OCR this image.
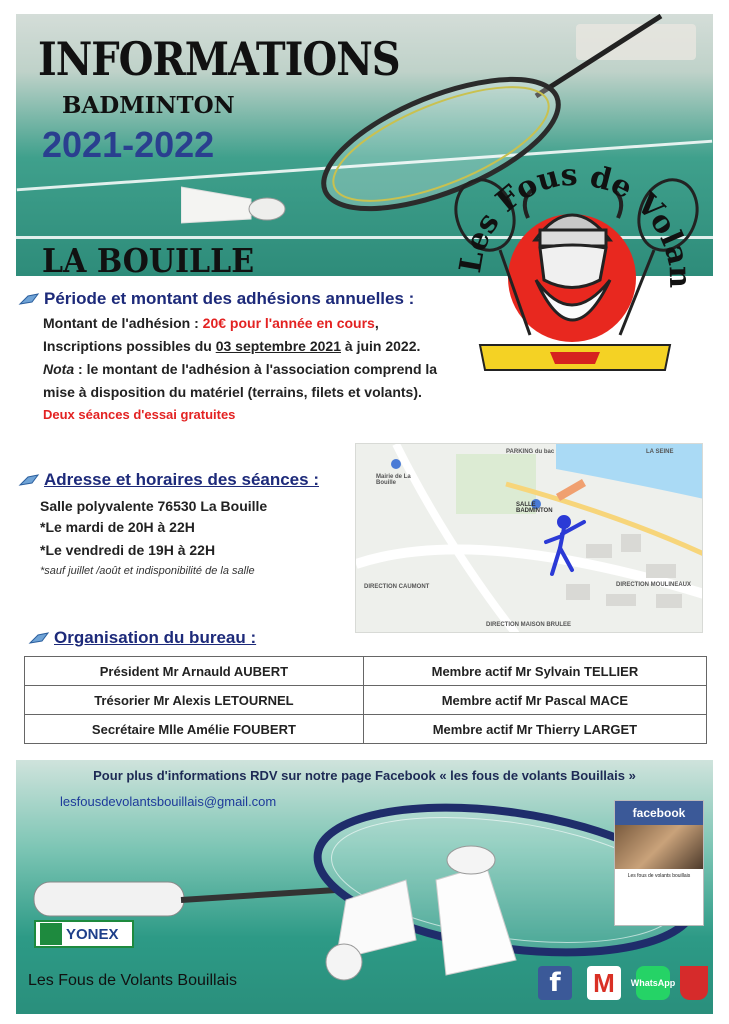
INFORMATIONS
BADMINTON
2021-2022
LA BOUILLE	Les Fous de Volan
Période et montant des adhésions annuelles :
Montant de l'adhésion : 20€ pour l'année en cours,
Inscriptions possibles du 03 septembre 2021 à juin 2022.
Nota : le montant de l'adhésion à l'association comprend la
mise à disposition du matériel (terrains, filets et volants).
Deux séances d'essai gratuites
Adresse et horaires des séances :
Salle polyvalente 76530 La Bouille
*Le mardi de 20H à 22H
*Le vendredi de 19H à 22H
*sauf juillet /août et indisponibilité de la salle
PARKING du bac	LA SEINE
Mairie de La Bouille
SALLE BADMINTON
DIRECTION CAUMONT	DIRECTION MOULINEAUX
DIRECTION MAISON BRULEE
Organisation du bureau :
Président Mr Arnauld AUBERT	Membre actif Mr Sylvain TELLIER
Trésorier Mr Alexis LETOURNEL	Membre actif Mr Pascal MACE
Secrétaire Mlle Amélie FOUBERT	Membre actif Mr Thierry LARGET
Pour plus d'informations RDV sur notre page Facebook « les fous de volants Bouillais »
lesfousdevolantsbouillais@gmail.com
facebook
Les fous de volants bouillais
YONEX
Les Fous de Volants Bouillais	f	M	WhatsApp
